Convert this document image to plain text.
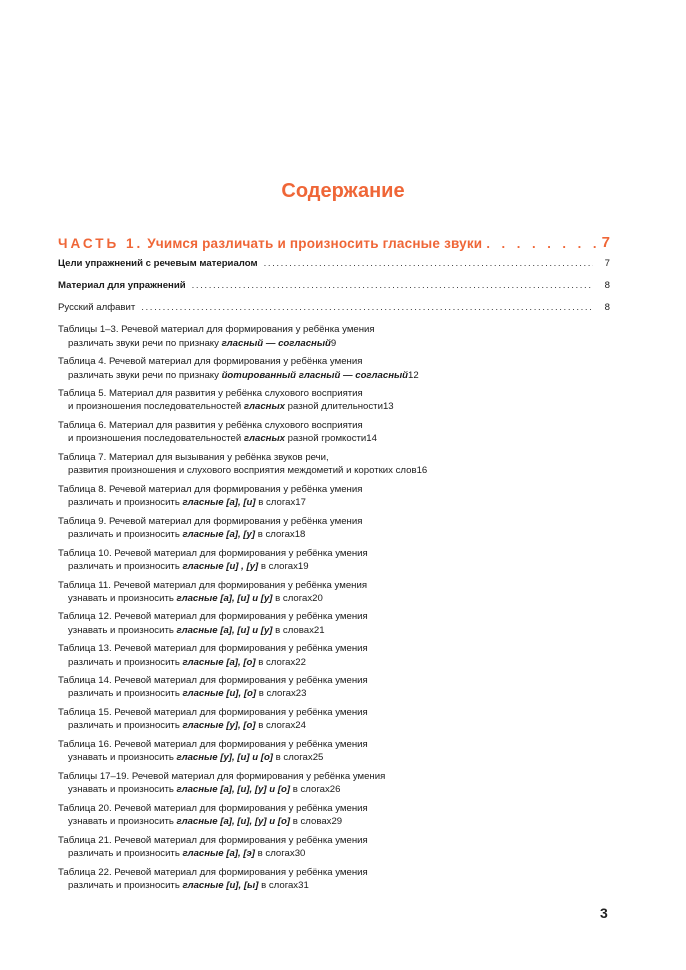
Содержание
ЧАСТЬ 1. Учимся различать и произносить гласные звуки . . .	7
Цели упражнений с речевым материалом .....	7
Материал для упражнений .....	8
Русский алфавит .....	8
Таблицы 1–3. Речевой материал для формирования у ребёнка умения
различать звуки речи по признаку гласный — согласный 9
Таблица 4. Речевой материал для формирования у ребёнка умения
различать звуки речи по признаку йотированный гласный — согласный 12
Таблица 5. Материал для развития у ребёнка слухового восприятия
и произношения последовательностей гласных разной длительности 13
Таблица 6. Материал для развития у ребёнка слухового восприятия
и произношения последовательностей гласных разной громкости 14
Таблица 7. Материал для вызывания у ребёнка звуков речи,
развития произношения и слухового восприятия междометий и коротких слов 16
Таблица 8. Речевой материал для формирования у ребёнка умения
различать и произносить гласные [а], [и] в слогах 17
Таблица 9. Речевой материал для формирования у ребёнка умения
различать и произносить гласные [а], [у] в слогах 18
Таблица 10. Речевой материал для формирования у ребёнка умения
различать и произносить гласные [и] , [у] в слогах 19
Таблица 11. Речевой материал для формирования у ребёнка умения
узнавать и произносить гласные [а], [и] и [у] в слогах 20
Таблица 12. Речевой материал для формирования у ребёнка умения
узнавать и произносить гласные [а], [и] и [у] в словах 21
Таблица 13. Речевой материал для формирования у ребёнка умения
различать и произносить гласные [а], [о] в слогах 22
Таблица 14. Речевой материал для формирования у ребёнка умения
различать и произносить гласные [и], [о] в слогах 23
Таблица 15. Речевой материал для формирования у ребёнка умения
различать и произносить гласные [у], [о] в слогах 24
Таблица 16. Речевой материал для формирования у ребёнка умения
узнавать и произносить гласные [у], [и] и [о] в слогах 25
Таблицы 17–19. Речевой материал для формирования у ребёнка умения
узнавать и произносить гласные [а], [и], [у] и [о] в слогах 26
Таблица 20. Речевой материал для формирования у ребёнка умения
узнавать и произносить гласные [а], [и], [у] и [о] в словах 29
Таблица 21. Речевой материал для формирования у ребёнка умения
различать и произносить гласные [а], [э] в слогах 30
Таблица 22. Речевой материал для формирования у ребёнка умения
различать и произносить гласные [и], [ы] в слогах 31
3
